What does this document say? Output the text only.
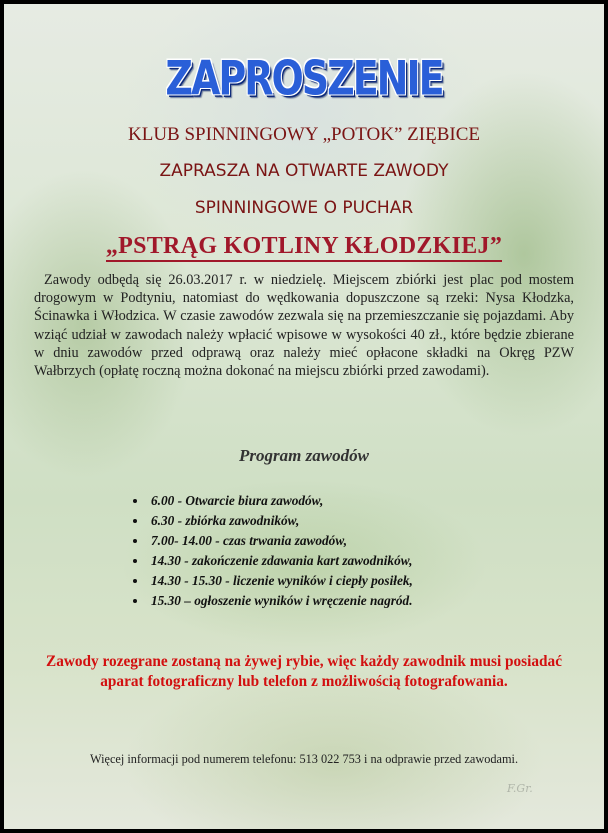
ZAPROSZENIE
KLUB SPINNINGOWY „POTOK” ZIĘBICE
ZAPRASZA NA OTWARTE ZAWODY
SPINNINGOWE O PUCHAR
„PSTRĄG KOTLINY KŁODZKIEJ”
Zawody odbędą się 26.03.2017 r. w niedzielę. Miejscem zbiórki jest plac pod mostem drogowym w Podtyniu, natomiast do wędkowania dopuszczone są rzeki: Nysa Kłodzka, Ścinawka i Włodzica. W czasie zawodów zezwala się na przemieszczanie się pojazdami. Aby wziąć udział w zawodach należy wpłacić wpisowe w wysokości 40 zł., które będzie zbierane w dniu zawodów przed odprawą oraz należy mieć opłacone składki na Okręg PZW Wałbrzych (opłatę roczną można dokonać na miejscu zbiórki przed zawodami).
Program zawodów
• 6.00 - Otwarcie biura zawodów,
• 6.30 - zbiórka zawodników,
• 7.00- 14.00 - czas trwania zawodów,
• 14.30 - zakończenie zdawania kart zawodników,
• 14.30 - 15.30 - liczenie wyników i ciepły posiłek,
• 15.30 – ogłoszenie wyników i wręczenie nagród.
Zawody rozegrane zostaną na żywej rybie, więc każdy zawodnik musi posiadać aparat fotograficzny lub telefon z możliwością fotografowania.
Więcej informacji pod numerem telefonu: 513 022 753 i na odprawie przed zawodami.
F.Gr.
